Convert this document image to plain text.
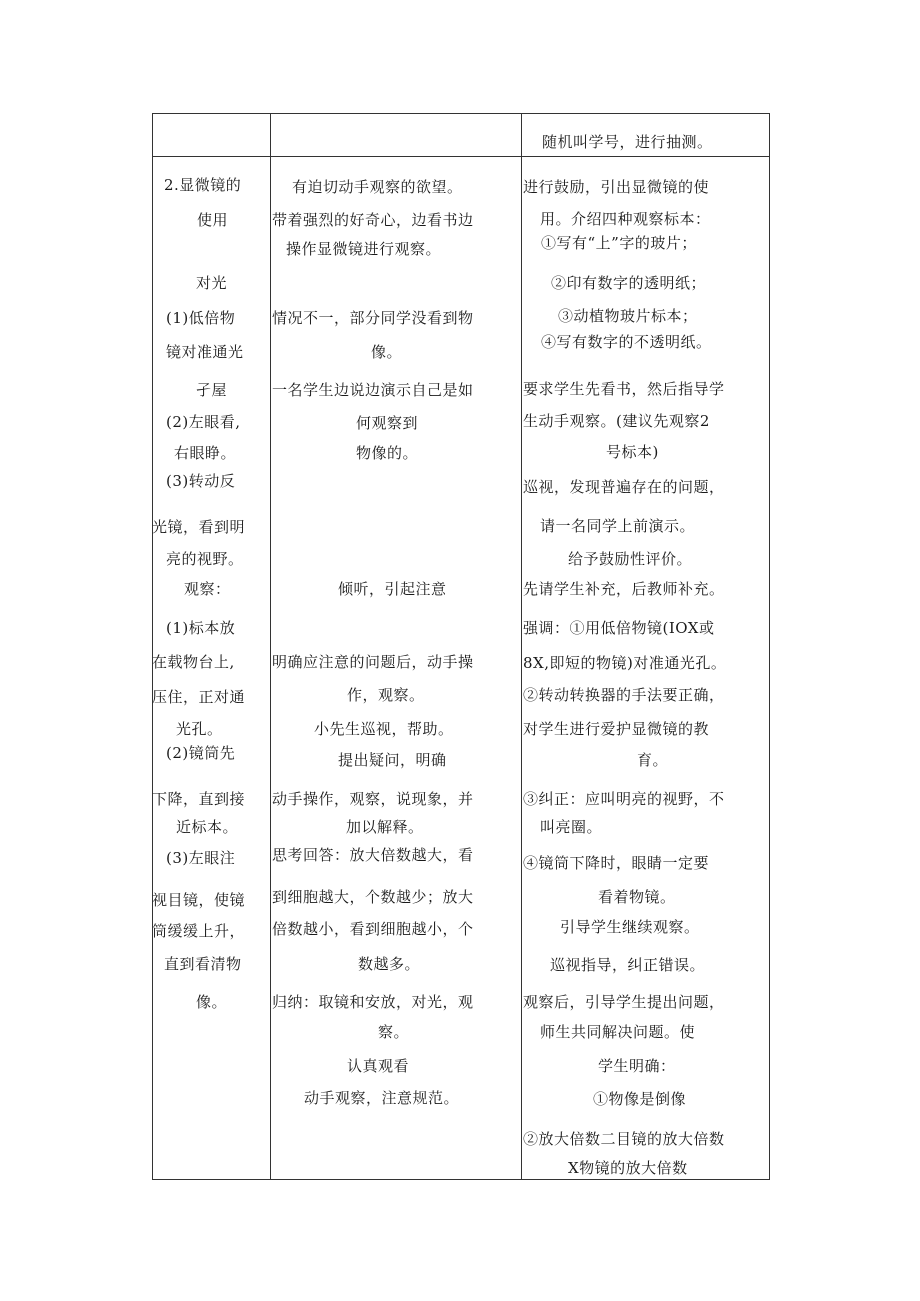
随机叫学号，进行抽测。
2.显微镜的
使用
对光
(1)低倍物
镜对准通光
孑屋
(2)左眼看,
右眼睁。
(3)转动反
光镜，看到明
亮的视野。
观察：
(1)标本放
在载物台上,
压住，正对通
光孔。
(2)镜筒先
下降，直到接
近标本。
(3)左眼注
视目镜，使镜
筒缓缓上升，
直到看清物
像。
有迫切动手观察的欲望。
带着强烈的好奇心，边看书边
操作显微镜进行观察。
情况不一，部分同学没看到物
像。
一名学生边说边演示自己是如
何观察到
物像的。
倾听，引起注意
明确应注意的问题后，动手操
作，观察。
小先生巡视，帮助。
提出疑问，明确
动手操作，观察，说现象，并
加以解释。
思考回答：放大倍数越大，看
到细胞越大，个数越少；放大
倍数越小，看到细胞越小，个
数越多。
归纳：取镜和安放，对光，观
察。
认真观看
动手观察，注意规范。
进行鼓励，引出显微镜的使
用。介绍四种观察标本：
①写有“上”字的玻片；
②印有数字的透明纸；
③动植物玻片标本；
④写有数字的不透明纸。
要求学生先看书，然后指导学
生动手观察。(建议先观察2
号标本)
巡视，发现普遍存在的问题，
请一名同学上前演示。
给予鼓励性评价。
先请学生补充，后教师补充。
强调：①用低倍物镜(IOX或
8X,即短的物镜)对准通光孔。
②转动转换器的手法要正确，
对学生进行爱护显微镜的教
育。
③纠正：应叫明亮的视野，不
叫亮圈。
④镜筒下降时，眼睛一定要
看着物镜。
引导学生继续观察。
巡视指导，纠正错误。
观察后，引导学生提出问题，
师生共同解决问题。使
学生明确：
①物像是倒像
②放大倍数二目镜的放大倍数
X物镜的放大倍数
